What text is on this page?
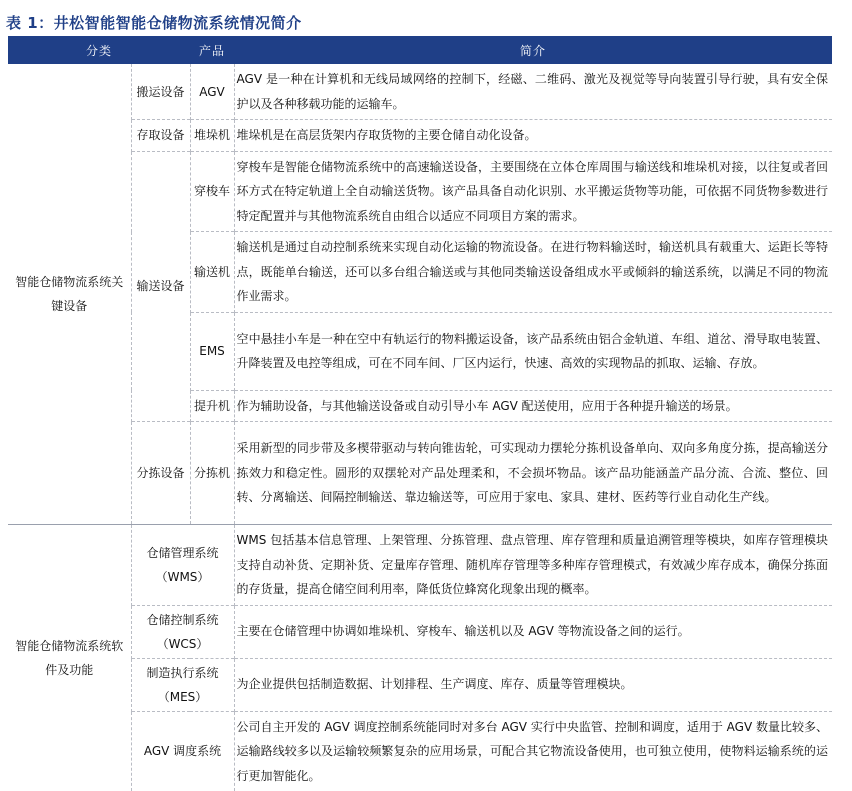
表 1：井松智能智能仓储物流系统情况简介
分类		产品	简介
智能仓储物流系统关键设备	搬运设备	AGV	AGV 是一种在计算机和无线局域网络的控制下，经磁、二维码、激光及视觉等导向装置引导行驶，具有安全保护以及各种移载功能的运输车。
	存取设备	堆垛机	堆垛机是在高层货架内存取货物的主要仓储自动化设备。
	输送设备	穿梭车	穿梭车是智能仓储物流系统中的高速输送设备，主要围绕在立体仓库周围与输送线和堆垛机对接，以往复或者回环方式在特定轨道上全自动输送货物。该产品具备自动化识别、水平搬运货物等功能，可依据不同货物参数进行特定配置并与其他物流系统自由组合以适应不同项目方案的需求。
		输送机	输送机是通过自动控制系统来实现自动化运输的物流设备。在进行物料输送时，输送机具有载重大、运距长等特点，既能单台输送，还可以多台组合输送或与其他同类输送设备组成水平或倾斜的输送系统，以满足不同的物流作业需求。
		EMS	空中悬挂小车是一种在空中有轨运行的物料搬运设备，该产品系统由铝合金轨道、车组、道岔、滑导取电装置、升降装置及电控等组成，可在不同车间、厂区内运行，快速、高效的实现物品的抓取、运输、存放。
		提升机	作为辅助设备，与其他输送设备或自动引导小车 AGV 配送使用，应用于各种提升输送的场景。
	分拣设备	分拣机	采用新型的同步带及多楔带驱动与转向锥齿轮，可实现动力摆轮分拣机设备单向、双向多角度分拣，提高输送分拣效力和稳定性。圆形的双摆轮对产品处理柔和，不会损坏物品。该产品功能涵盖产品分流、合流、整位、回转、分离输送、间隔控制输送、靠边输送等，可应用于家电、家具、建材、医药等行业自动化生产线。
智能仓储物流系统软件及功能	仓储管理系统（WMS）		WMS 包括基本信息管理、上架管理、分拣管理、盘点管理、库存管理和质量追溯管理等模块，如库存管理模块支持自动补货、定期补货、定量库存管理、随机库存管理等多种库存管理模式，有效减少库存成本，确保分拣面的存货量，提高仓储空间利用率，降低货位蜂窝化现象出现的概率。
	仓储控制系统（WCS）		主要在仓储管理中协调如堆垛机、穿梭车、输送机以及 AGV 等物流设备之间的运行。
	制造执行系统（MES）		为企业提供包括制造数据、计划排程、生产调度、库存、质量等管理模块。
	AGV 调度系统		公司自主开发的 AGV 调度控制系统能同时对多台 AGV 实行中央监管、控制和调度，适用于 AGV 数量比较多、运输路线较多以及运输较频繁复杂的应用场景，可配合其它物流设备使用，也可独立使用，使物料运输系统的运行更加智能化。
